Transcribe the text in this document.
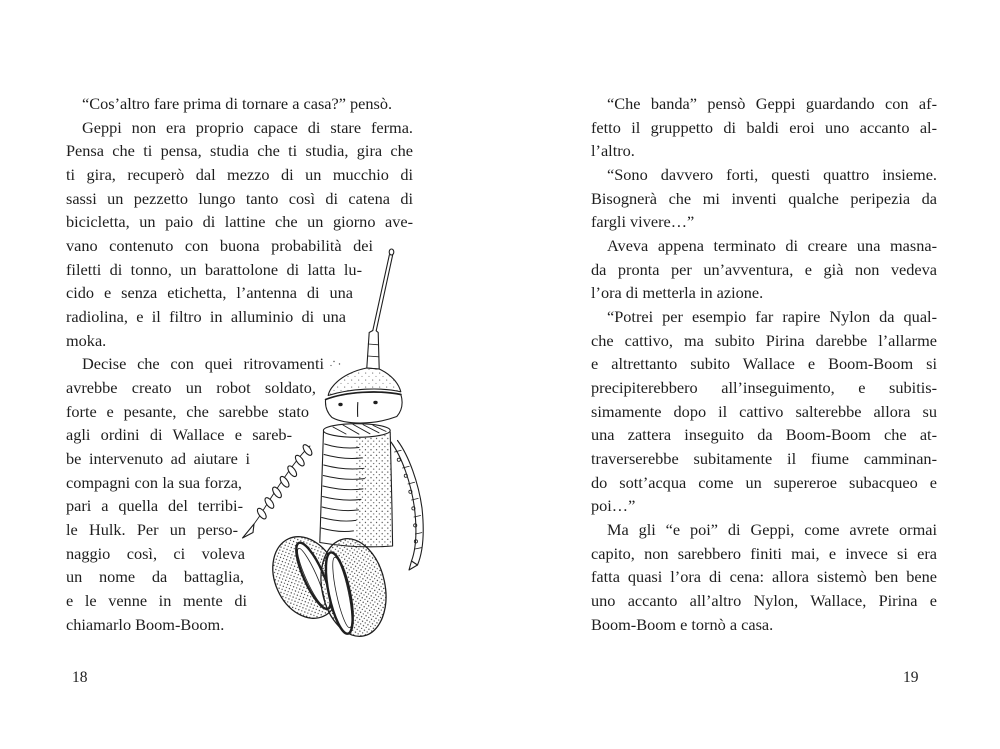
“Cos’altro fare prima di tornare a casa?” pensò.
Geppi non era proprio capace di stare ferma.
Pensa che ti pensa, studia che ti studia, gira che
ti gira, recuperò dal mezzo di un mucchio di
sassi un pezzetto lungo tanto così di catena di
bicicletta, un paio di lattine che un giorno ave-
vano contenuto con buona probabilità dei
filetti di tonno, un barattolone di latta lu-
cido e senza etichetta, l’antenna di una
radiolina, e il filtro in alluminio di una
moka.
Decise che con quei ritrovamenti
avrebbe creato un robot soldato,
forte e pesante, che sarebbe stato
agli ordini di Wallace e sareb-
be intervenuto ad aiutare i
compagni con la sua forza,
pari a quella del terribi-
le Hulk. Per un perso-
naggio così, ci voleva
un nome da battaglia,
e le venne in mente di
chiamarlo Boom-Boom.
“Che banda” pensò Geppi guardando con af-
fetto il gruppetto di baldi eroi uno accanto al-
l’altro.
“Sono davvero forti, questi quattro insieme.
Bisognerà che mi inventi qualche peripezia da
fargli vivere…”
Aveva appena terminato di creare una masna-
da pronta per un’avventura, e già non vedeva
l’ora di metterla in azione.
“Potrei per esempio far rapire Nylon da qual-
che cattivo, ma subito Pirina darebbe l’allarme
e altrettanto subito Wallace e Boom-Boom si
precipiterebbero all’inseguimento, e subitis-
simamente dopo il cattivo salterebbe allora su
una zattera inseguito da Boom-Boom che at-
traverserebbe subitamente il fiume camminan-
do sott’acqua come un supereroe subacqueo e
poi…”
Ma gli “e poi” di Geppi, come avrete ormai
capito, non sarebbero finiti mai, e invece si era
fatta quasi l’ora di cena: allora sistemò ben bene
uno accanto all’altro Nylon, Wallace, Pirina e
Boom-Boom e tornò a casa.
18	19
